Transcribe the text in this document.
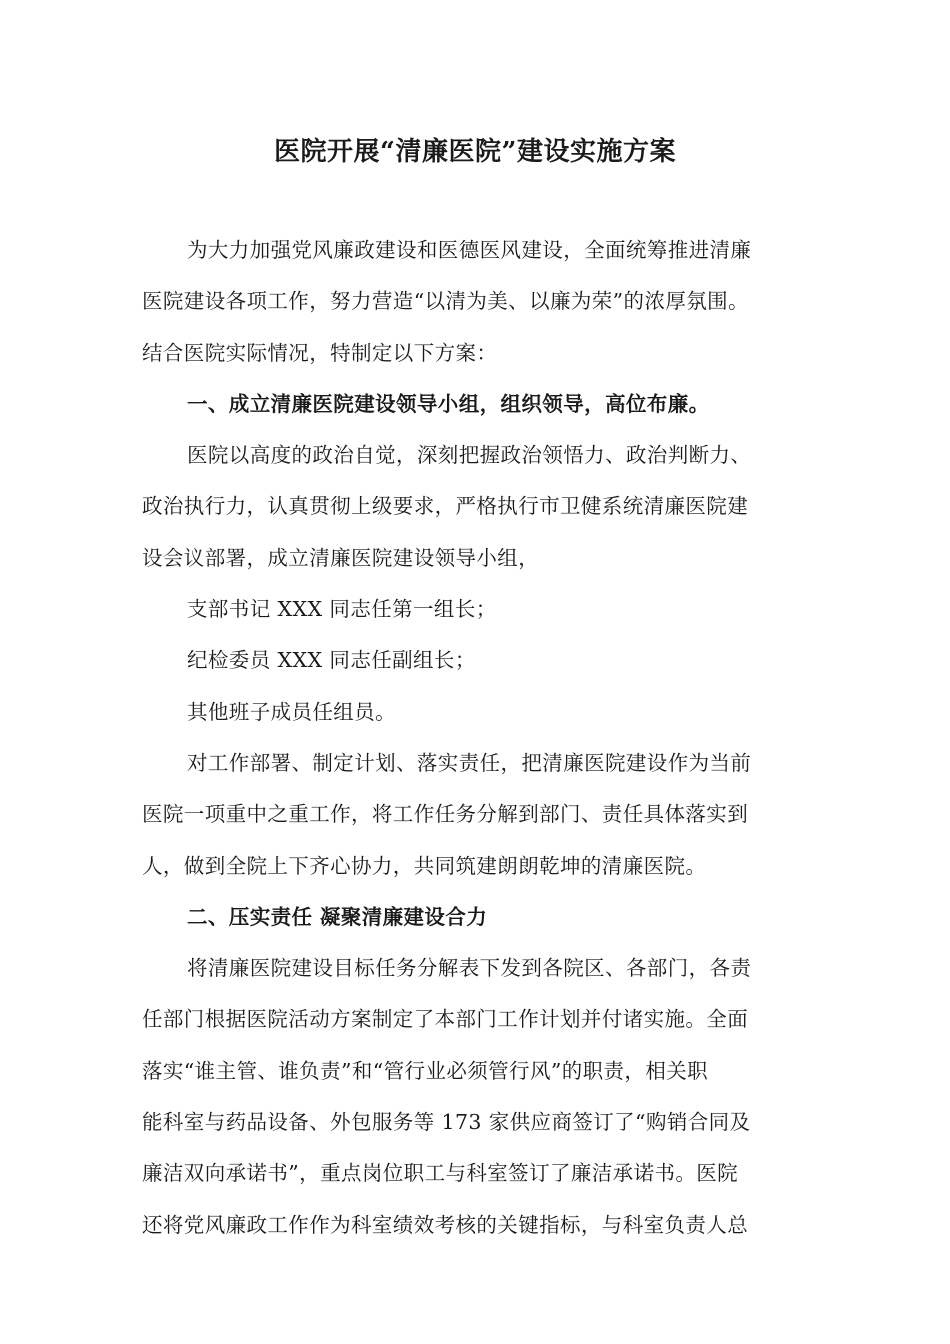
医院开展“清廉医院”建设实施方案
为大力加强党风廉政建设和医德医风建设，全面统筹推进清廉
医院建设各项工作，努力营造“以清为美、以廉为荣”的浓厚氛围。
结合医院实际情况，特制定以下方案：
一、成立清廉医院建设领导小组，组织领导，高位布廉。
医院以高度的政治自觉，深刻把握政治领悟力、政治判断力、
政治执行力，认真贯彻上级要求，严格执行市卫健系统清廉医院建
设会议部署，成立清廉医院建设领导小组，
支部书记 XXX 同志任第一组长；
纪检委员 XXX 同志任副组长；
其他班子成员任组员。
对工作部署、制定计划、落实责任，把清廉医院建设作为当前
医院一项重中之重工作，将工作任务分解到部门、责任具体落实到
人，做到全院上下齐心协力，共同筑建朗朗乾坤的清廉医院。
二、压实责任 凝聚清廉建设合力
将清廉医院建设目标任务分解表下发到各院区、各部门，各责
任部门根据医院活动方案制定了本部门工作计划并付诸实施。全面
落实“谁主管、谁负责”和“管行业必须管行风”的职责，相关职
能科室与药品设备、外包服务等 173 家供应商签订了“购销合同及
廉洁双向承诺书”，重点岗位职工与科室签订了廉洁承诺书。医院
还将党风廉政工作作为科室绩效考核的关键指标，与科室负责人总
